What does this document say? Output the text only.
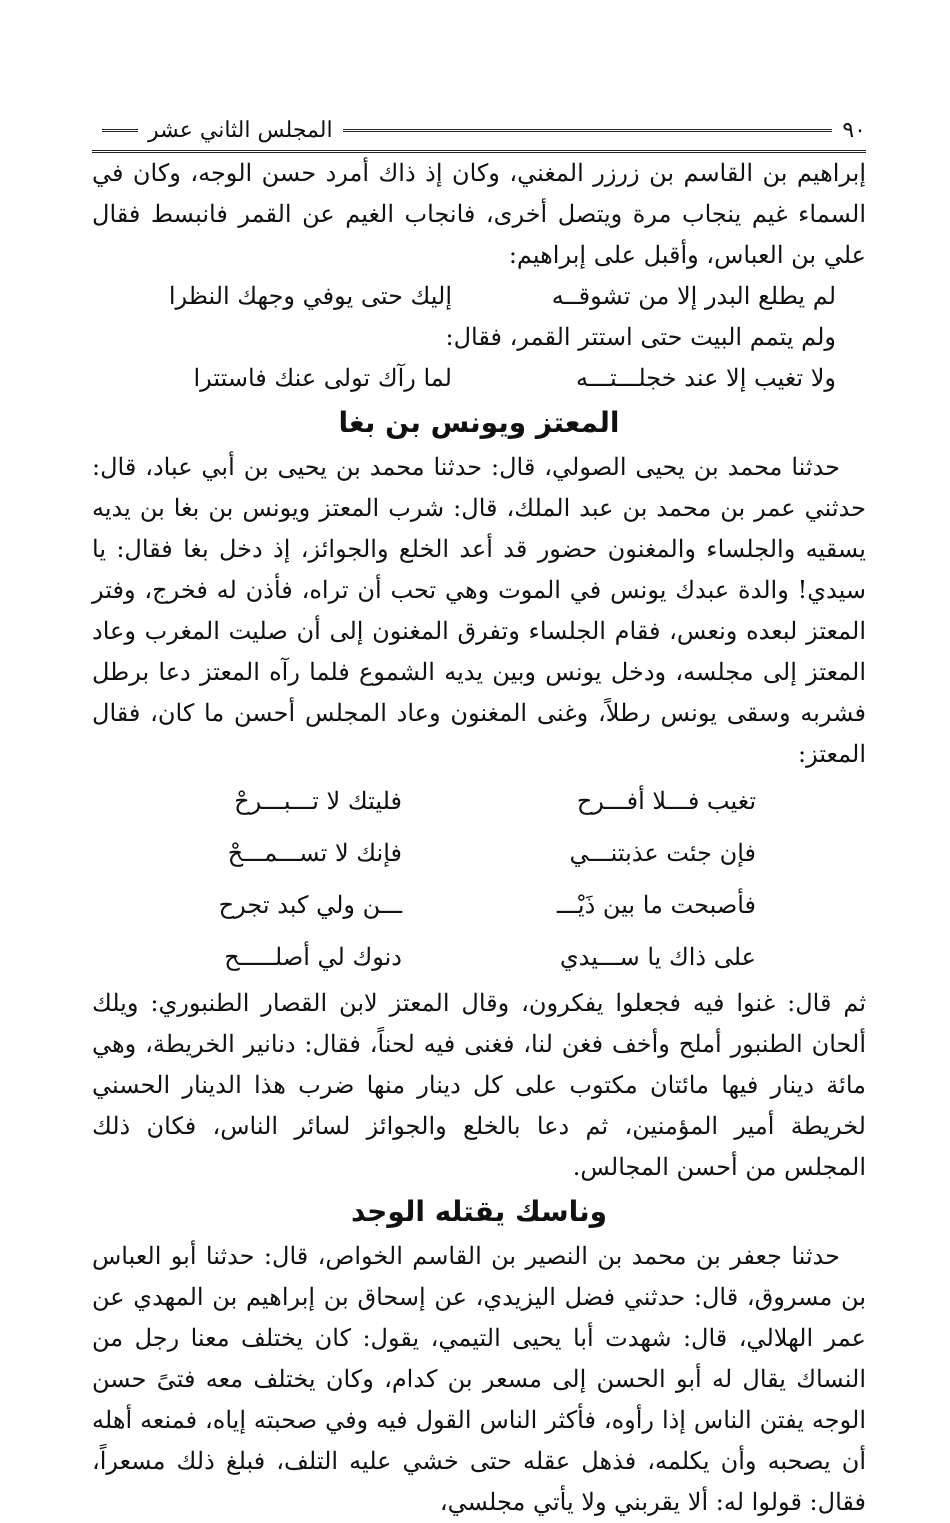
٩٠
المجلس الثاني عشر

إبراهيم بن القاسم بن زرزر المغني، وكان إذ ذاك أمرد حسن الوجه، وكان في السماء غيم ينجاب مرة ويتصل أخرى، فانجاب الغيم عن القمر فانبسط فقال علي بن العباس، وأقبل على إبراهيم:

لم يطلع البدر إلا من تشوقــه
إليك حتى يوفي وجهك النظرا
ولم يتمم البيت حتى استتر القمر، فقال:
ولا تغيب إلا عند خجلـــتـــه
لما رآك تولى عنك فاستترا
المعتز ويونس بن بغا

حدثنا محمد بن يحيى الصولي، قال: حدثنا محمد بن يحيى بن أبي عباد، قال: حدثني عمر بن محمد بن عبد الملك، قال: شرب المعتز ويونس بن بغا بن يديه يسقيه والجلساء والمغنون حضور قد أعد الخلع والجوائز، إذ دخل بغا فقال: يا سيدي! والدة عبدك يونس في الموت وهي تحب أن تراه، فأذن له فخرج، وفتر المعتز لبعده ونعس، فقام الجلساء وتفرق المغنون إلى أن صليت المغرب وعاد المعتز إلى مجلسه، ودخل يونس وبين يديه الشموع فلما رآه المعتز دعا برطل فشربه وسقى يونس رطلاً، وغنى المغنون وعاد المجلس أحسن ما كان، فقال المعتز:

تغيب فـــلا أفـــرح
فليتك لا تـــبـــرحْ
فإن جئت عذبتنـــي
فإنك لا تســـمـــحْ
فأصبحت ما بين ذَيْـــ
ـــن ولي كبد تجرح
على ذاك يا ســـيدي
دنوك لي أصلـــــح

ثم قال: غنوا فيه فجعلوا يفكرون، وقال المعتز لابن القصار الطنبوري: ويلك ألحان الطنبور أملح وأخف فغن لنا، فغنى فيه لحناً، فقال: دنانير الخريطة، وهي مائة دينار فيها مائتان مكتوب على كل دينار منها ضرب هذا الدينار الحسني لخريطة أمير المؤمنين، ثم دعا بالخلع والجوائز لسائر الناس، فكان ذلك المجلس من أحسن المجالس.

وناسك يقتله الوجد

حدثنا جعفر بن محمد بن النصير بن القاسم الخواص، قال: حدثنا أبو العباس بن مسروق، قال: حدثني فضل اليزيدي، عن إسحاق بن إبراهيم بن المهدي عن عمر الهلالي، قال: شهدت أبا يحيى التيمي، يقول: كان يختلف معنا رجل من النساك يقال له أبو الحسن إلى مسعر بن كدام، وكان يختلف معه فتىً حسن الوجه يفتن الناس إذا رأوه، فأكثر الناس القول فيه وفي صحبته إياه، فمنعه أهله أن يصحبه وأن يكلمه، فذهل عقله حتى خشي عليه التلف، فبلغ ذلك مسعراً، فقال: قولوا له: ألا يقربني ولا يأتي مجلسي،
